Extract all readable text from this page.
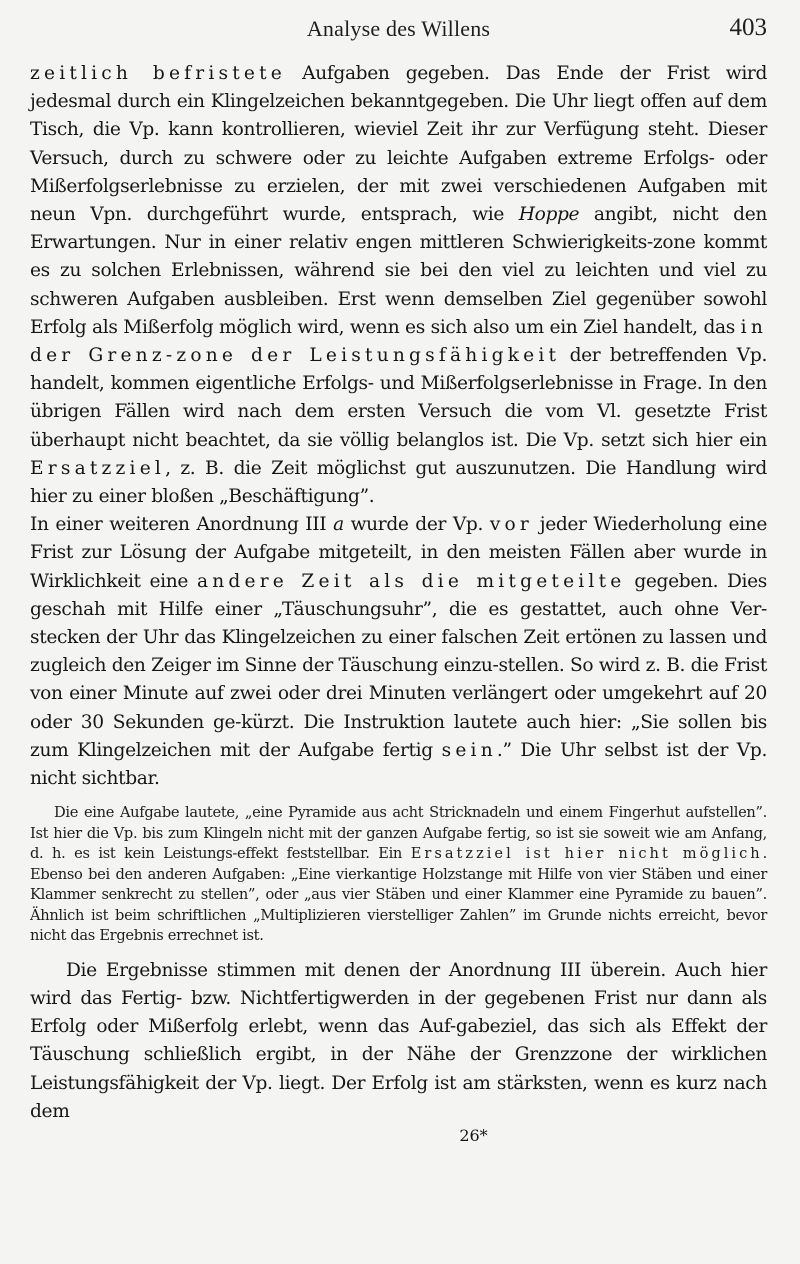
Analyse des Willens	403

zeitlich befristete Aufgaben gegeben. Das Ende der Frist wird jedesmal durch ein Klingelzeichen bekanntgegeben. Die Uhr liegt offen auf dem Tisch, die Vp. kann kontrollieren, wieviel Zeit ihr zur Verfügung steht. Dieser Versuch, durch zu schwere oder zu leichte Aufgaben extreme Erfolgs- oder Mißerfolgserlebnisse zu erzielen, der mit zwei verschiedenen Aufgaben mit neun Vpn. durchgeführt wurde, entsprach, wie Hoppe angibt, nicht den Erwartungen. Nur in einer relativ engen mittleren Schwierigkeits-zone kommt es zu solchen Erlebnissen, während sie bei den viel zu leichten und viel zu schweren Aufgaben ausbleiben. Erst wenn demselben Ziel gegenüber sowohl Erfolg als Mißerfolg möglich wird, wenn es sich also um ein Ziel handelt, das in der Grenz-zone der Leistungsfähigkeit der betreffenden Vp. handelt, kommen eigentliche Erfolgs- und Mißerfolgserlebnisse in Frage. In den übrigen Fällen wird nach dem ersten Versuch die vom Vl. gesetzte Frist überhaupt nicht beachtet, da sie völlig belanglos ist. Die Vp. setzt sich hier ein Ersatzziel, z. B. die Zeit möglichst gut auszunutzen. Die Handlung wird hier zu einer bloßen „Beschäftigung”.

In einer weiteren Anordnung III a wurde der Vp. vor jeder Wiederholung eine Frist zur Lösung der Aufgabe mitgeteilt, in den meisten Fällen aber wurde in Wirklichkeit eine andere Zeit als die mitgeteilte gegeben. Dies geschah mit Hilfe einer „Täuschungsuhr”, die es gestattet, auch ohne Ver-stecken der Uhr das Klingelzeichen zu einer falschen Zeit ertönen zu lassen und zugleich den Zeiger im Sinne der Täuschung einzu-stellen. So wird z. B. die Frist von einer Minute auf zwei oder drei Minuten verlängert oder umgekehrt auf 20 oder 30 Sekunden ge-kürzt. Die Instruktion lautete auch hier: „Sie sollen bis zum Klingelzeichen mit der Aufgabe fertig sein.” Die Uhr selbst ist der Vp. nicht sichtbar.

Die eine Aufgabe lautete, „eine Pyramide aus acht Stricknadeln und einem Fingerhut aufstellen”. Ist hier die Vp. bis zum Klingeln nicht mit der ganzen Aufgabe fertig, so ist sie soweit wie am Anfang, d. h. es ist kein Leistungs-effekt feststellbar. Ein Ersatzziel ist hier nicht möglich. Ebenso bei den anderen Aufgaben: „Eine vierkantige Holzstange mit Hilfe von vier Stäben und einer Klammer senkrecht zu stellen”, oder „aus vier Stäben und einer Klammer eine Pyramide zu bauen”. Ähnlich ist beim schriftlichen „Multiplizieren vierstelliger Zahlen” im Grunde nichts erreicht, bevor nicht das Ergebnis errechnet ist.

Die Ergebnisse stimmen mit denen der Anordnung III überein. Auch hier wird das Fertig- bzw. Nichtfertigwerden in der gegebenen Frist nur dann als Erfolg oder Mißerfolg erlebt, wenn das Auf-gabeziel, das sich als Effekt der Täuschung schließlich ergibt, in der Nähe der Grenzzone der wirklichen Leistungsfähigkeit der Vp. liegt. Der Erfolg ist am stärksten, wenn es kurz nach dem

26*
